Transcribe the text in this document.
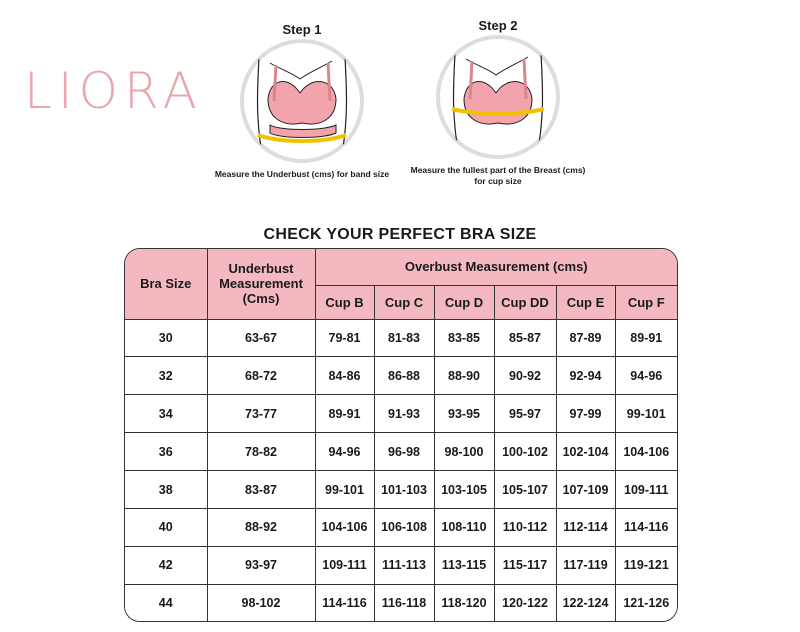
LIORA
Step 1
Measure the Underbust (cms) for band size
Step 2
Measure the fullest part of the Breast (cms) for cup size
CHECK YOUR PERFECT BRA SIZE
Bra Size	Underbust Measurement (Cms)	Overbust Measurement (cms)					
		Cup B	Cup C	Cup D	Cup DD	Cup E	Cup F
30	63-67	79-81	81-83	83-85	85-87	87-89	89-91
32	68-72	84-86	86-88	88-90	90-92	92-94	94-96
34	73-77	89-91	91-93	93-95	95-97	97-99	99-101
36	78-82	94-96	96-98	98-100	100-102	102-104	104-106
38	83-87	99-101	101-103	103-105	105-107	107-109	109-111
40	88-92	104-106	106-108	108-110	110-112	112-114	114-116
42	93-97	109-111	111-113	113-115	115-117	117-119	119-121
44	98-102	114-116	116-118	118-120	120-122	122-124	121-126
